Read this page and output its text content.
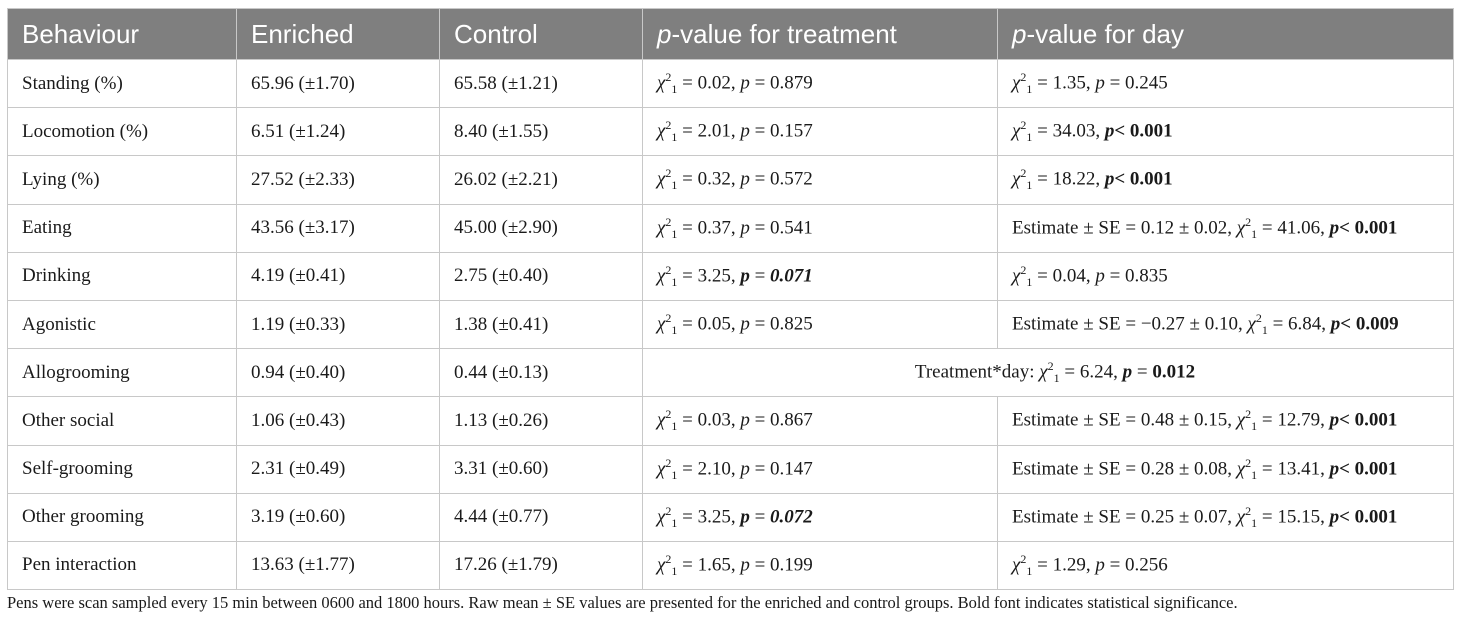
Behaviour	Enriched	Control	p-value for treatment	p-value for day
Standing (%)	65.96 (±1.70)	65.58 (±1.21)	$\chi^2_1 = 0.02$, p = 0.879	$\chi^2_1 = 1.35$, p = 0.245
Locomotion (%)	6.51 (±1.24)	8.40 (±1.55)	$\chi^2_1 = 2.01$, p = 0.157	$\chi^2_1 = 34.03$, p< 0.001
Lying (%)	27.52 (±2.33)	26.02 (±2.21)	$\chi^2_1 = 0.32$, p = 0.572	$\chi^2_1 = 18.22$, p< 0.001
Eating	43.56 (±3.17)	45.00 (±2.90)	$\chi^2_1 = 0.37$, p = 0.541	Estimate ± SE = 0.12 ± 0.02, $\chi^2_1 = 41.06$, p< 0.001
Drinking	4.19 (±0.41)	2.75 (±0.40)	$\chi^2_1 = 3.25$, p = 0.071	$\chi^2_1 = 0.04$, p = 0.835
Agonistic	1.19 (±0.33)	1.38 (±0.41)	$\chi^2_1 = 0.05$, p = 0.825	Estimate ± SE = −0.27 ± 0.10, $\chi^2_1 = 6.84$, p< 0.009
Allogrooming	0.94 (±0.40)	0.44 (±0.13)	Treatment*day: $\chi^2_1 = 6.24$, p = 0.012	
Other social	1.06 (±0.43)	1.13 (±0.26)	$\chi^2_1 = 0.03$, p = 0.867	Estimate ± SE = 0.48 ± 0.15, $\chi^2_1 = 12.79$, p< 0.001
Self-grooming	2.31 (±0.49)	3.31 (±0.60)	$\chi^2_1 = 2.10$, p = 0.147	Estimate ± SE = 0.28 ± 0.08, $\chi^2_1 = 13.41$, p< 0.001
Other grooming	3.19 (±0.60)	4.44 (±0.77)	$\chi^2_1 = 3.25$, p = 0.072	Estimate ± SE = 0.25 ± 0.07, $\chi^2_1 = 15.15$, p< 0.001
Pen interaction	13.63 (±1.77)	17.26 (±1.79)	$\chi^2_1 = 1.65$, p = 0.199	$\chi^2_1 = 1.29$, p = 0.256
Pens were scan sampled every 15 min between 0600 and 1800 hours. Raw mean ± SE values are presented for the enriched and control groups. Bold font indicates statistical significance.
